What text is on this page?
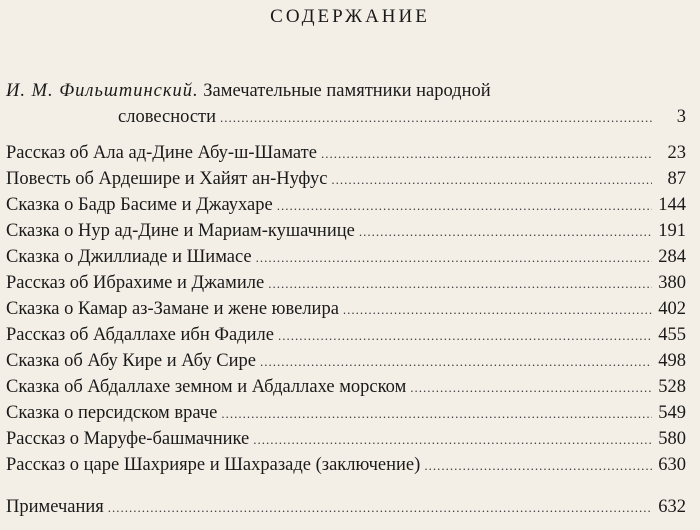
СОДЕРЖАНИЕ
И. М. Фильштинский. Замечательные памятники народной
словесности .....	3
Рассказ об Ала ад-Дине Абу-ш-Шамате .....	23
Повесть об Ардешире и Хайят ан-Нуфус .....	87
Сказка о Бадр Басиме и Джаухаре .....	144
Сказка о Нур ад-Дине и Мариам-кушачнице .....	191
Сказка о Джиллиаде и Шимасе .....	284
Рассказ об Ибрахиме и Джамиле .....	380
Сказка о Камар аз-Замане и жене ювелира .....	402
Рассказ об Абдаллахе ибн Фадиле .....	455
Сказка об Абу Кире и Абу Сире .....	498
Сказка об Абдаллахе земном и Абдаллахе морском .....	528
Сказка о персидском враче .....	549
Рассказ о Маруфе-башмачнике .....	580
Рассказ о царе Шахрияре и Шахразаде (заключение) .....	630
Примечания .....	632
